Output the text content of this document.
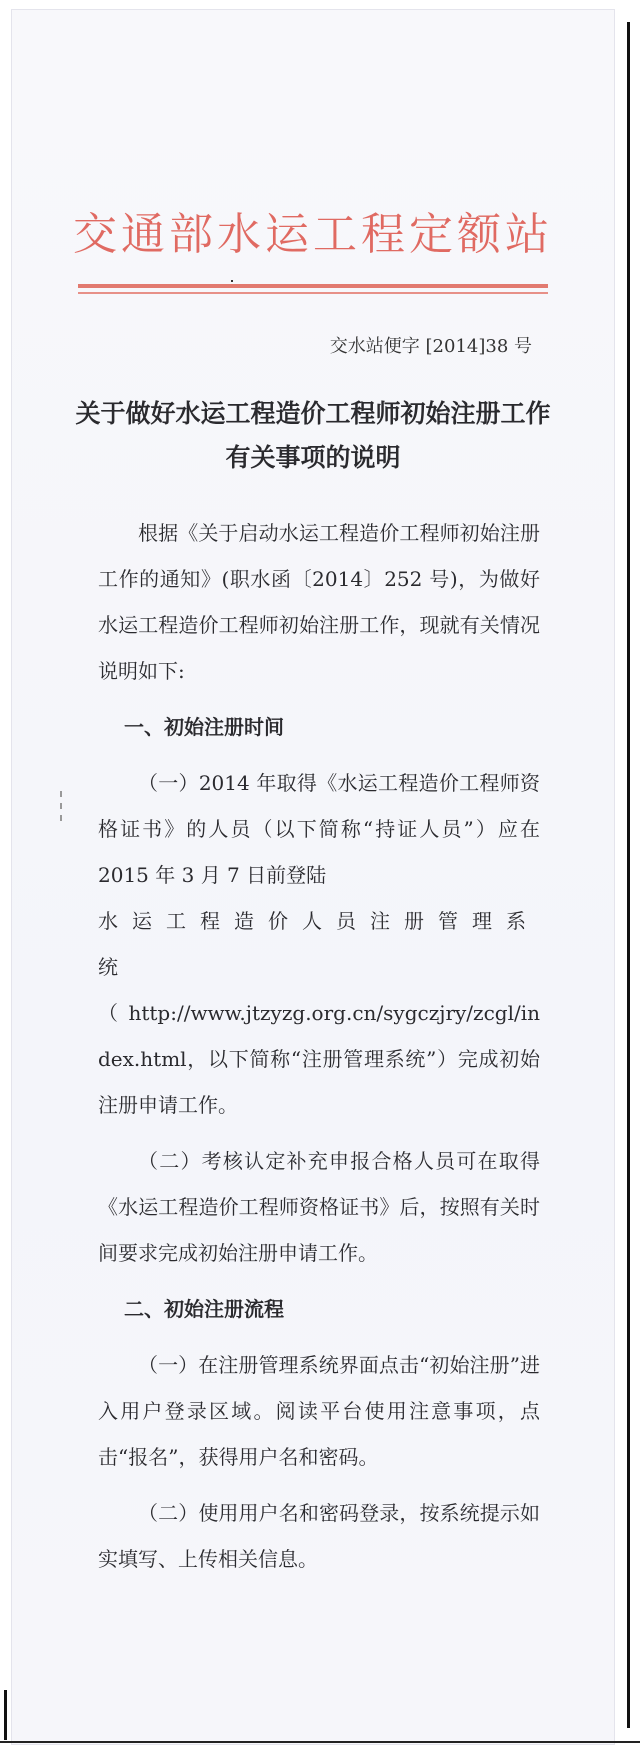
交通部水运工程定额站
交水站便字 [2014]38 号
关于做好水运工程造价工程师初始注册工作
有关事项的说明

根据《关于启动水运工程造价工程师初始注册工作的通知》(职水函〔2014〕252 号)，为做好水运工程造价工程师初始注册工作，现就有关情况说明如下:

一、初始注册时间

（一）2014 年取得《水运工程造价工程师资格证书》的人员（以下简称“持证人员”）应在 2015 年 3 月 7 日前登陆
水运工程造价人员注册管理系统
（http://www.jtzyzg.org.cn/sygczjry/zcgl/index.html，以下简称“注册管理系统”）完成初始注册申请工作。

（二）考核认定补充申报合格人员可在取得《水运工程造价工程师资格证书》后，按照有关时间要求完成初始注册申请工作。

二、初始注册流程

（一）在注册管理系统界面点击“初始注册”进入用户登录区域。阅读平台使用注意事项，点击“报名”，获得用户名和密码。

（二）使用用户名和密码登录，按系统提示如实填写、上传相关信息。
